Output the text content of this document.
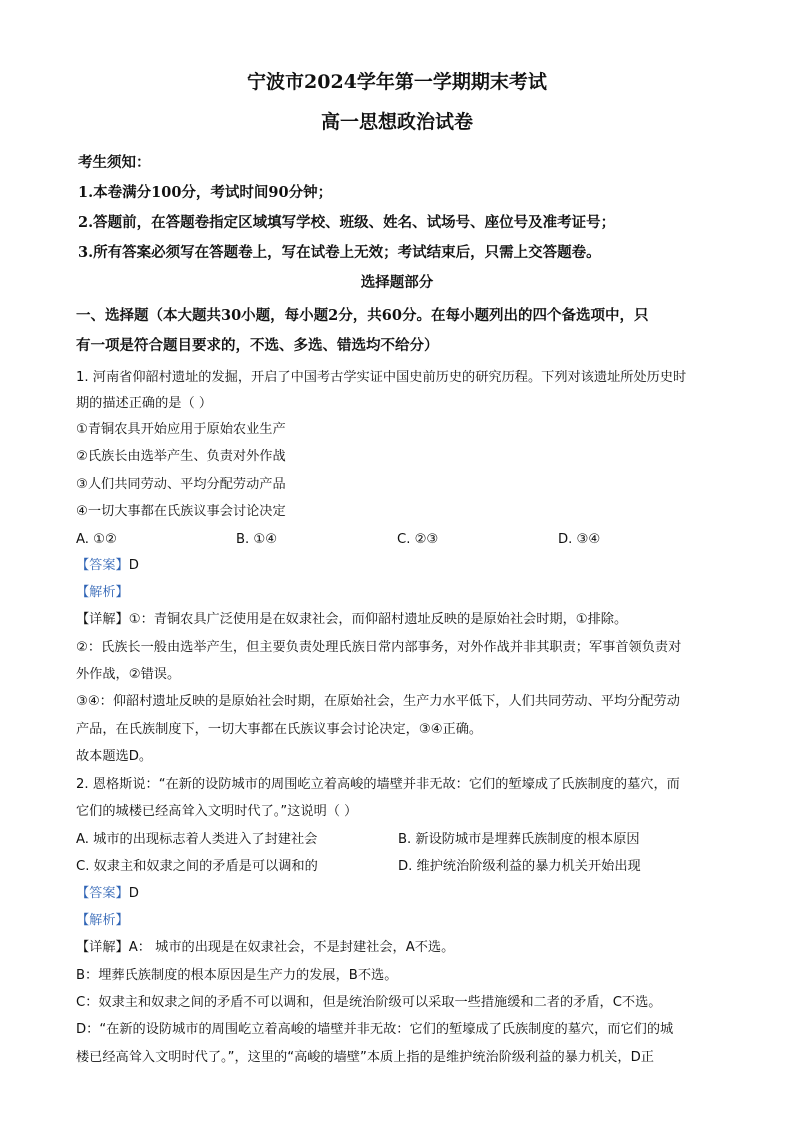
宁波市2024学年第一学期期末考试
高一思想政治试卷
考生须知：
1.本卷满分100分，考试时间90分钟；
2.答题前，在答题卷指定区域填写学校、班级、姓名、试场号、座位号及准考证号；
3.所有答案必须写在答题卷上，写在试卷上无效；考试结束后，只需上交答题卷。
选择题部分
一、选择题（本大题共30小题，每小题2分，共60分。在每小题列出的四个备选项中，只
有一项是符合题目要求的，不选、多选、错选均不给分）
1. 河南省仰韶村遗址的发掘，开启了中国考古学实证中国史前历史的研究历程。下列对该遗址所处历史时
期的描述正确的是（ ）
①青铜农具开始应用于原始农业生产
②氏族长由选举产生、负责对外作战
③人们共同劳动、平均分配劳动产品
④一切大事都在氏族议事会讨论决定
A. ①②	B. ①④	C. ②③	D. ③④
【答案】D
【解析】
【详解】①：青铜农具广泛使用是在奴隶社会，而仰韶村遗址反映的是原始社会时期，①排除。
②：氏族长一般由选举产生，但主要负责处理氏族日常内部事务，对外作战并非其职责；军事首领负责对
外作战，②错误。
③④：仰韶村遗址反映的是原始社会时期，在原始社会，生产力水平低下，人们共同劳动、平均分配劳动
产品，在氏族制度下，一切大事都在氏族议事会讨论决定，③④正确。
故本题选D。
2. 恩格斯说：“在新的设防城市的周围屹立着高峻的墙壁并非无故：它们的堑壕成了氏族制度的墓穴，而
它们的城楼已经高耸入文明时代了。”这说明（ ）
A. 城市的出现标志着人类进入了封建社会	B. 新设防城市是埋葬氏族制度的根本原因
C. 奴隶主和奴隶之间的矛盾是可以调和的	D. 维护统治阶级利益的暴力机关开始出现
【答案】D
【解析】
【详解】A： 城市的出现是在奴隶社会，不是封建社会，A不选。
B：埋葬氏族制度的根本原因是生产力的发展，B不选。
C：奴隶主和奴隶之间的矛盾不可以调和，但是统治阶级可以采取一些措施缓和二者的矛盾，C不选。
D：“在新的设防城市的周围屹立着高峻的墙壁并非无故：它们的堑壕成了氏族制度的墓穴，而它们的城
楼已经高耸入文明时代了。”，这里的“高峻的墙壁”本质上指的是维护统治阶级利益的暴力机关，D正
